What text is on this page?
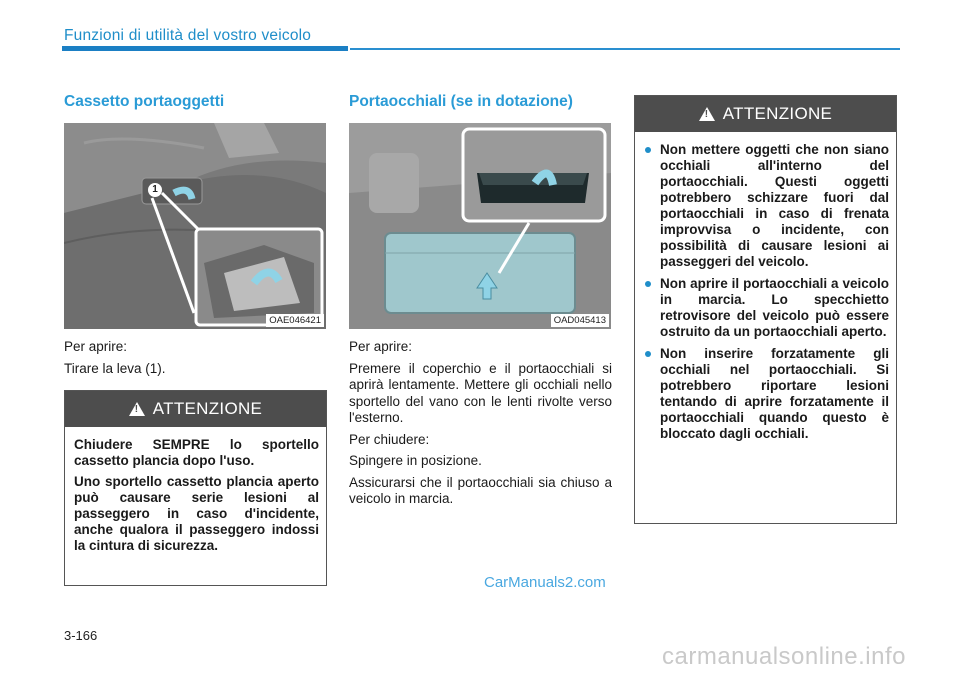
Funzioni di utilità del vostro veicolo
Cassetto portaoggetti
1
OAE046421

Per aprire:

Tirare la leva (1).

! ATTENZIONE

Chiudere SEMPRE lo sportello cassetto plancia dopo l'uso.

Uno sportello cassetto plancia aperto può causare serie lesioni al passeggero in caso d'incidente, anche qualora il passeggero indossi la cintura di sicurezza.

Portaocchiali (se in dotazione)
OAD045413

Per aprire:

Premere il coperchio e il portaocchiali si aprirà lentamente. Mettere gli occhiali nello sportello del vano con le lenti rivolte verso l'esterno.

Per chiudere:

Spingere in posizione.

Assicurarsi che il portaocchiali sia chiuso a veicolo in marcia.

! ATTENZIONE
Non mettere oggetti che non siano occhiali all'interno del portaocchiali. Questi oggetti potrebbero schizzare fuori dal portaocchiali in caso di frenata improvvisa o incidente, con possibilità di causare lesioni ai passeggeri del veicolo.
Non aprire il portaocchiali a veicolo in marcia. Lo specchietto retrovisore del veicolo può essere ostruito da un portaocchiali aperto.
Non inserire forzatamente gli occhiali nel portaocchiali. Si potrebbero riportare lesioni tentando di aprire forzatamente il portaocchiali quando questo è bloccato dagli occhiali.
CarManuals2.com
3-166
carmanualsonline.info
